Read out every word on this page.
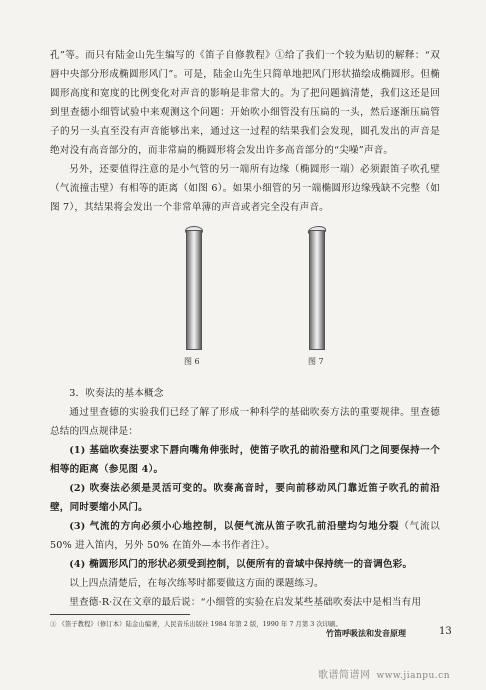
孔”等。而只有陆金山先生编写的《笛子自修教程》①给了我们一个较为贴切的解释：“双唇中央部分形成椭圆形风门”。可是，陆金山先生只简单地把风门形状描绘成椭圆形。但椭圆形高度和宽度的比例变化对声音的影响是非常大的。为了把问题搞清楚，我们这还是回到里查德小细管试验中来观测这个问题：开始吹小细管没有压扁的一头，然后逐渐压扁管子的另一头直至没有声音能够出来，通过这一过程的结果我们会发现，圆孔发出的声音是绝对没有高音部分的，而非常扁的椭圆形将会发出许多高音部分的“尖噪”声音。

另外，还要值得注意的是小气管的另一端所有边缘（椭圆形一端）必须跟笛子吹孔壁（气流撞击壁）有相等的距离（如图 6）。如果小细管的另一端椭圆形边缘残缺不完整（如图 7），其结果将会发出一个非常单薄的声音或者完全没有声音。

图 6	图 7

3．吹奏法的基本概念

通过里查德的实验我们已经了解了形成一种科学的基础吹奏方法的重要规律。里查德总结的四点规律是：

(1) 基础吹奏法要求下唇向嘴角伸张时，使笛子吹孔的前沿壁和风门之间要保持一个相等的距离（参见图 4）。

(2) 吹奏法必须是灵活可变的。吹奏高音时，要向前移动风门靠近笛子吹孔的前沿壁，同时要缩小风门。

(3) 气流的方向必须小心地控制，以便气流从笛子吹孔前沿壁均匀地分裂（气流以 50% 进入笛内，另外 50% 在笛外—本书作者注）。

(4) 椭圆形风门的形状必须受到控制，以便所有的音域中保持统一的音调色彩。

以上四点清楚后，在每次练琴时都要做这方面的课题练习。

里查德·R·汉在文章的最后说：“小细管的实验在启发某些基础吹奏法中是相当有用

① 《笛子教程》（修订本）陆金山编著，人民音乐出版社 1984 年第 2 版，1990 年 7 月第 3 次印刷。
竹笛呼吸法和发音原理	13
歌谱简谱网 www.jianpu.cn
